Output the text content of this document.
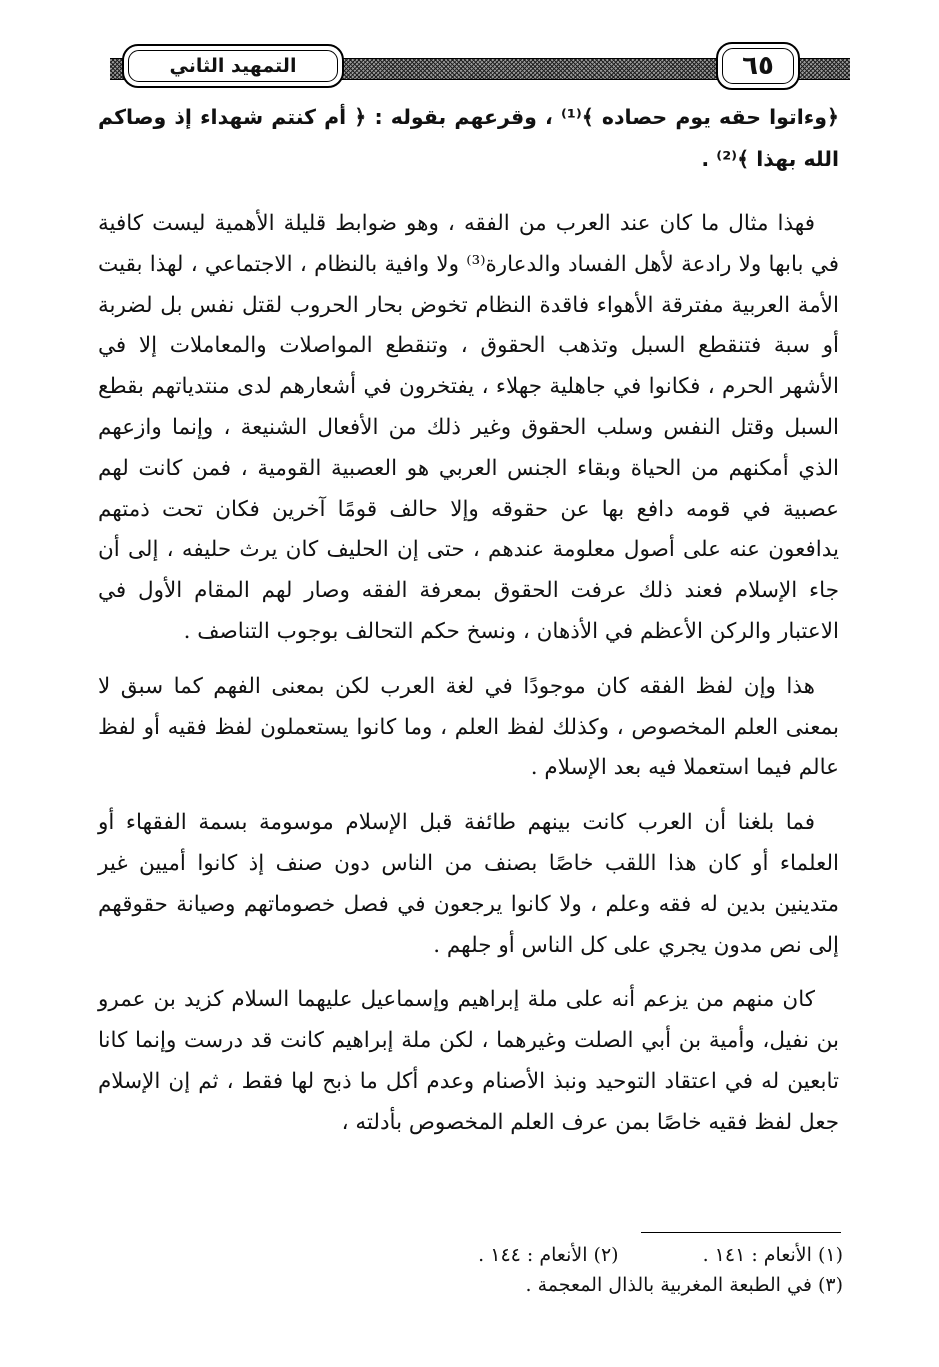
التمهيد الثاني	٦٥

﴿وءاتوا حقه يوم حصاده ﴾⁽¹⁾ ، وقرعهم بقوله : ﴿ أم كنتم شهداء إذ وصاكم الله بهذا ﴾⁽²⁾ .

فهذا مثال ما كان عند العرب من الفقه ، وهو ضوابط قليلة الأهمية ليست كافية في بابها ولا رادعة لأهل الفساد والدعارة⁽³⁾ ولا وافية بالنظام ، الاجتماعي ، لهذا بقيت الأمة العربية مفترقة الأهواء فاقدة النظام تخوض بحار الحروب لقتل نفس بل لضربة أو سبة فتنقطع السبل وتذهب الحقوق ، وتنقطع المواصلات والمعاملات إلا في الأشهر الحرم ، فكانوا في جاهلية جهلاء ، يفتخرون في أشعارهم لدى منتدياتهم بقطع السبل وقتل النفس وسلب الحقوق وغير ذلك من الأفعال الشنيعة ، وإنما وازعهم الذي أمكنهم من الحياة وبقاء الجنس العربي هو العصبية القومية ، فمن كانت لهم عصبية في قومه دافع بها عن حقوقه وإلا حالف قومًا آخرين فكان تحت ذمتهم يدافعون عنه على أصول معلومة عندهم ، حتى إن الحليف كان يرث حليفه ، إلى أن جاء الإسلام فعند ذلك عرفت الحقوق بمعرفة الفقه وصار لهم المقام الأول في الاعتبار والركن الأعظم في الأذهان ، ونسخ حكم التحالف بوجوب التناصف .

هذا وإن لفظ الفقه كان موجودًا في لغة العرب لكن بمعنى الفهم كما سبق لا بمعنى العلم المخصوص ، وكذلك لفظ العلم ، وما كانوا يستعملون لفظ فقيه أو لفظ عالم فيما استعملا فيه بعد الإسلام .

فما بلغنا أن العرب كانت بينهم طائفة قبل الإسلام موسومة بسمة الفقهاء أو العلماء أو كان هذا اللقب خاصًا بصنف من الناس دون صنف إذ كانوا أميين غير متدينين بدين له فقه وعلم ، ولا كانوا يرجعون في فصل خصوماتهم وصيانة حقوقهم إلى نص مدون يجري على كل الناس أو جلهم .

كان منهم من يزعم أنه على ملة إبراهيم وإسماعيل عليهما السلام كزيد بن عمرو بن نفيل، وأمية بن أبي الصلت وغيرهما ، لكن ملة إبراهيم كانت قد درست وإنما كانا تابعين له في اعتقاد التوحيد ونبذ الأصنام وعدم أكل ما ذبح لها فقط ، ثم إن الإسلام جعل لفظ فقيه خاصًا بمن عرف العلم المخصوص بأدلته ،

(١) الأنعام : ١٤١ .
(٢) الأنعام : ١٤٤ .
(٣) في الطبعة المغربية بالذال المعجمة .
